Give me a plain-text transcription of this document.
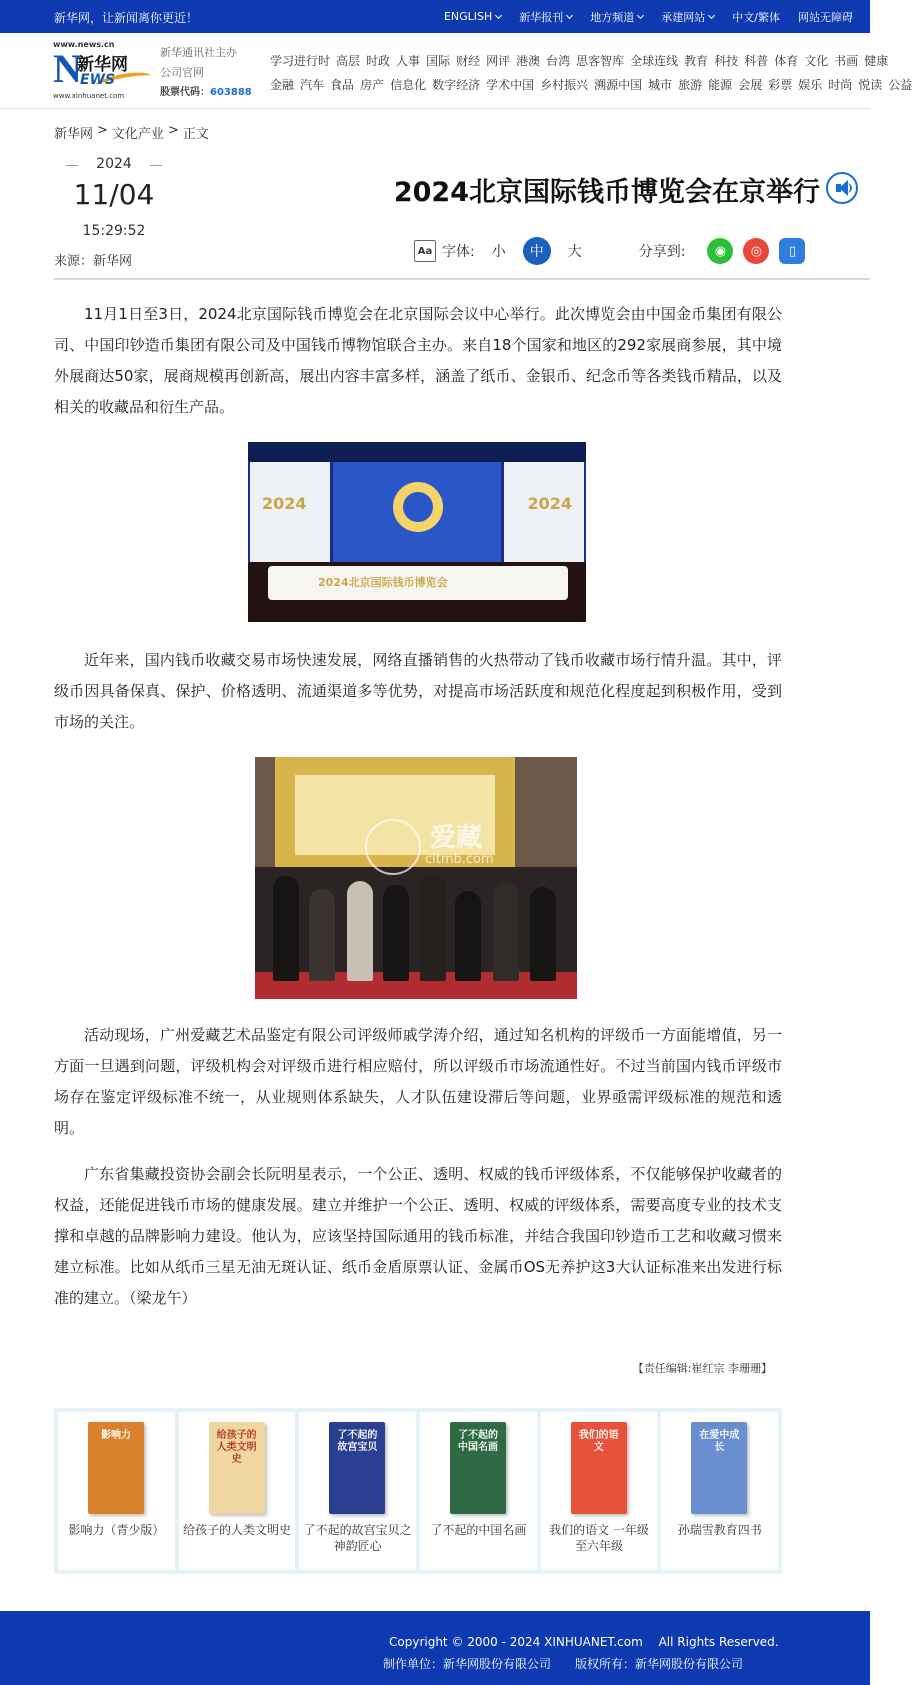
新华网，让新闻离你更近！	ENGLISH 新华报刊 地方频道 承建网站 中文/繁体 网站无障碍
www.news.cn
N
新华网
EWS
www.xinhuanet.com
新华通讯社主办
公司官网
股票代码：603888
学习进行时 高层 时政 人事 国际 财经 网评 港澳 台湾 思客智库 全球连线 教育 科技 科普 体育 文化 书画 健康
金融 汽车 食品 房产 信息化 数字经济 学术中国 乡村振兴 溯源中国 城市 旅游 能源 会展 彩票 娱乐 时尚 悦读 公益
新华网 > 文化产业 > 正文
2024
11/04
15:29:52
来源：新华网
2024北京国际钱币博览会在京举行
Aa 字体:	小	中	大	分享到:	◉	◎	▯

11月1日至3日，2024北京国际钱币博览会在北京国际会议中心举行。此次博览会由中国金币集团有限公司、中国印钞造币集团有限公司及中国钱币博物馆联合主办。来自18个国家和地区的292家展商参展，其中境外展商达50家，展商规模再创新高，展出内容丰富多样，涵盖了纸币、金银币、纪念币等各类钱币精品，以及相关的收藏品和衍生产品。

2024	2024
2024北京国际钱币博览会

近年来，国内钱币收藏交易市场快速发展，网络直播销售的火热带动了钱币收藏市场行情升温。其中，评级币因具备保真、保护、价格透明、流通渠道多等优势，对提高市场活跃度和规范化程度起到积极作用，受到市场的关注。

爱藏
cltmb.com

活动现场，广州爱藏艺术品鉴定有限公司评级师戚学涛介绍，通过知名机构的评级币一方面能增值，另一方面一旦遇到问题，评级机构会对评级币进行相应赔付，所以评级币市场流通性好。不过当前国内钱币评级市场存在鉴定评级标准不统一，从业规则体系缺失，人才队伍建设滞后等问题，业界亟需评级标准的规范和透明。

广东省集藏投资协会副会长阮明星表示，一个公正、透明、权威的钱币评级体系，不仅能够保护收藏者的权益，还能促进钱币市场的健康发展。建立并维护一个公正、透明、权威的评级体系，需要高度专业的技术支撑和卓越的品牌影响力建设。他认为，应该坚持国际通用的钱币标准，并结合我国印钞造币工艺和收藏习惯来建立标准。比如从纸币三星无油无斑认证、纸币金盾原票认证、金属币OS无养护这3大认证标准来出发进行标准的建立。（梁龙午）

【责任编辑:崔红宗 李珊珊】
影响力
影响力（青少版）
给孩子的人类文明史
给孩子的人类文明史
了不起的故宫宝贝
了不起的故宫宝贝之神韵匠心
了不起的中国名画
了不起的中国名画
我们的语文
我们的语文 一年级至六年级
在爱中成长
孙瑞雪教育四书
Copyright © 2000 - 2024 XINHUANET.com　 All Rights Reserved.
制作单位：新华网股份有限公司　　版权所有：新华网股份有限公司
